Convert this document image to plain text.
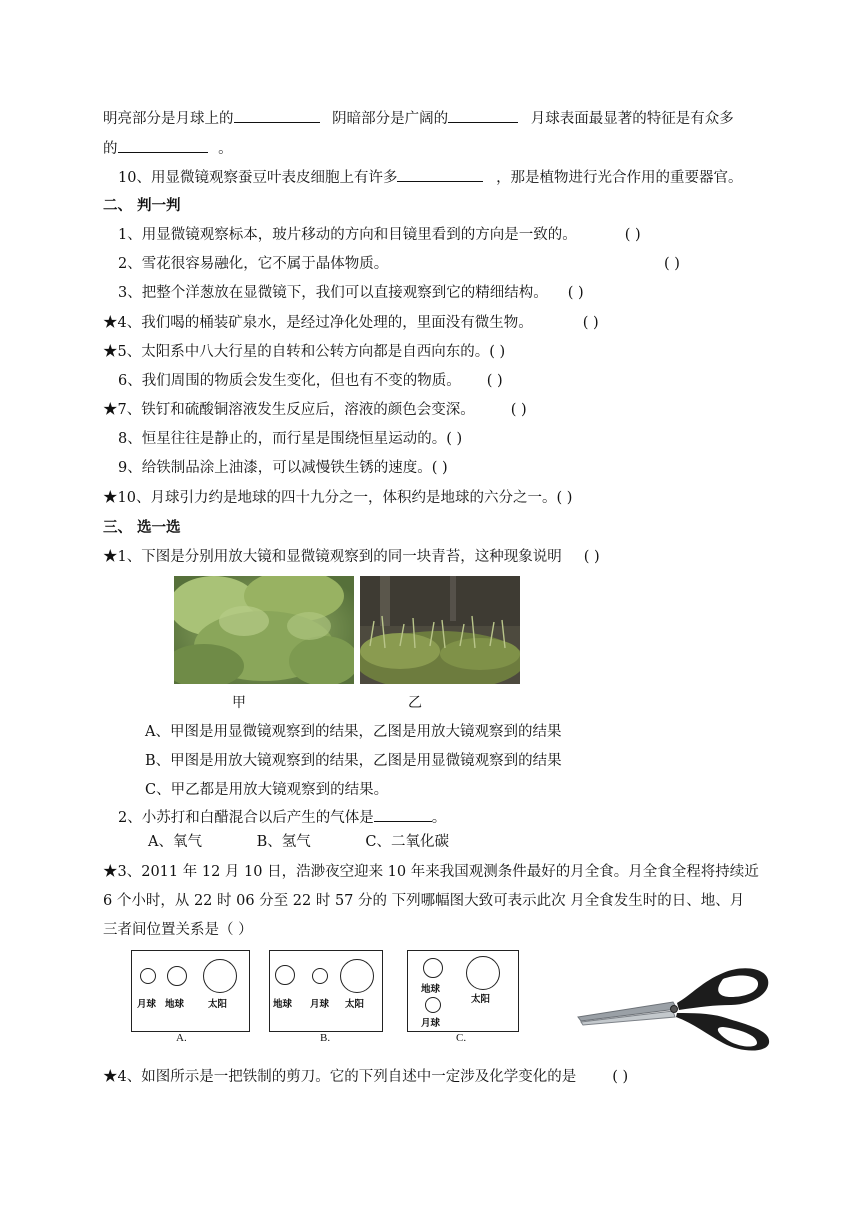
明亮部分是月球上的	阴暗部分是广阔的	月球表面最显著的特征是有众多
的	。
10、用显微镜观察蚕豆叶表皮细胞上有许多	，那是植物进行光合作用的重要器官。
二、 判一判
1、用显微镜观察标本，玻片移动的方向和目镜里看到的方向是一致的。	( )
2、雪花很容易融化，它不属于晶体物质。	( )
3、把整个洋葱放在显微镜下，我们可以直接观察到它的精细结构。 ( )
★4、我们喝的桶装矿泉水，是经过净化处理的，里面没有微生物。	( )
★5、太阳系中八大行星的自转和公转方向都是自西向东的。( )
6、我们周围的物质会发生变化，但也有不变的物质。 ( )
★7、铁钉和硫酸铜溶液发生反应后，溶液的颜色会变深。 ( )
8、恒星往往是静止的，而行星是围绕恒星运动的。( )
9、给铁制品涂上油漆，可以减慢铁生锈的速度。( )
★10、月球引力约是地球的四十九分之一，体积约是地球的六分之一。( )
三、 选一选
★1、下图是分别用放大镜和显微镜观察到的同一块青苔，这种现象说明 ( )
甲	乙
A、甲图是用显微镜观察到的结果，乙图是用放大镜观察到的结果
B、甲图是用放大镜观察到的结果，乙图是用显微镜观察到的结果
C、甲乙都是用放大镜观察到的结果。
2、小苏打和白醋混合以后产生的气体是	。
A、氧气	B、氢气	C、二氧化碳
★3、2011 年 12 月 10 日，浩渺夜空迎来 10 年来我国观测条件最好的月全食。月全食全程将持续近
6 个小时，从 22 时 06 分至 22 时 57 分的 下列哪幅图大致可表示此次 月全食发生时的日、地、月
三者间位置关系是（ ）
月球 地球	太阳
A.
地球 月球 太阳
B.
地球
太阳
月球
C.
★4、如图所示是一把铁制的剪刀。它的下列自述中一定涉及化学变化的是 ( )
